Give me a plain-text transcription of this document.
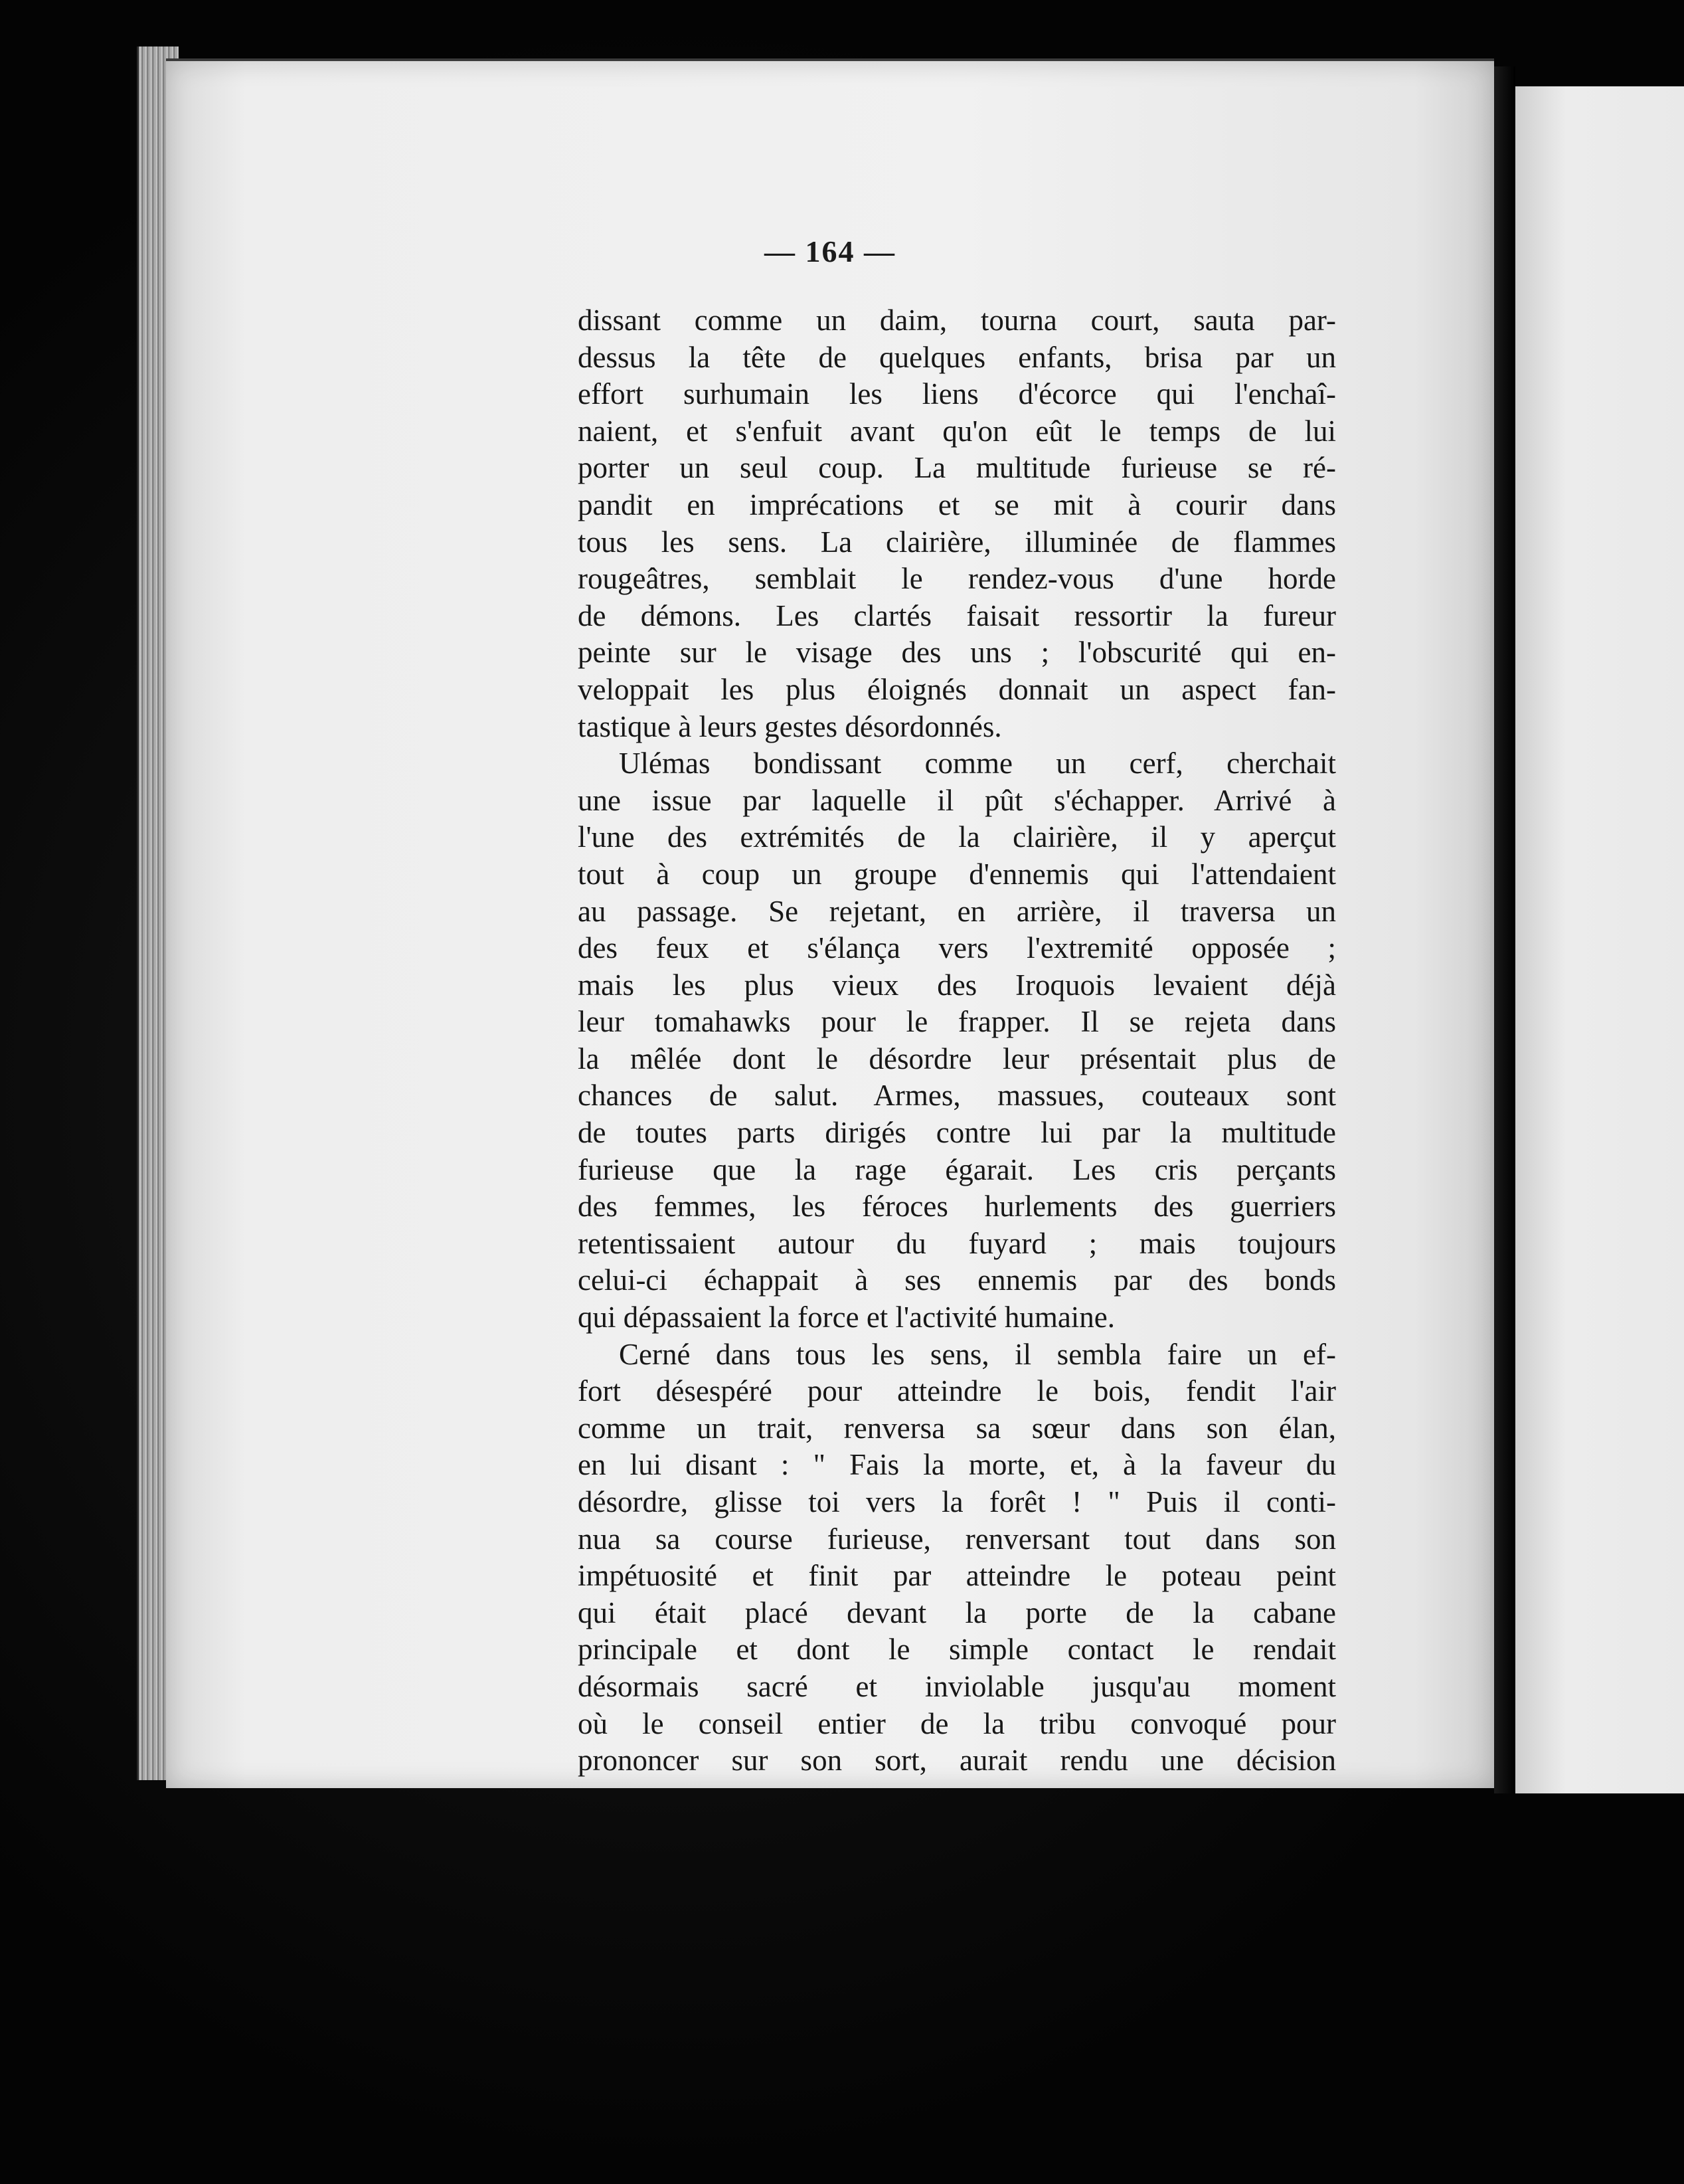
— 164 —
dissant comme un daim, tourna court, sauta par-
dessus la tête de quelques enfants, brisa par un
effort surhumain les liens d'écorce qui l'enchaî-
naient, et s'enfuit avant qu'on eût le temps de lui
porter un seul coup. La multitude furieuse se ré-
pandit en imprécations et se mit à courir dans
tous les sens. La clairière, illuminée de flammes
rougeâtres, semblait le rendez-vous d'une horde
de démons. Les clartés faisait ressortir la fureur
peinte sur le visage des uns ; l'obscurité qui en-
veloppait les plus éloignés donnait un aspect fan-
tastique à leurs gestes désordonnés.
Ulémas bondissant comme un cerf, cherchait
une issue par laquelle il pût s'échapper. Arrivé à
l'une des extrémités de la clairière, il y aperçut
tout à coup un groupe d'ennemis qui l'attendaient
au passage. Se rejetant, en arrière, il traversa un
des feux et s'élança vers l'extremité opposée ;
mais les plus vieux des Iroquois levaient déjà
leur tomahawks pour le frapper. Il se rejeta dans
la mêlée dont le désordre leur présentait plus de
chances de salut. Armes, massues, couteaux sont
de toutes parts dirigés contre lui par la multitude
furieuse que la rage égarait. Les cris perçants
des femmes, les féroces hurlements des guerriers
retentissaient autour du fuyard ; mais toujours
celui-ci échappait à ses ennemis par des bonds
qui dépassaient la force et l'activité humaine.
Cerné dans tous les sens, il sembla faire un ef-
fort désespéré pour atteindre le bois, fendit l'air
comme un trait, renversa sa sœur dans son élan,
en lui disant : " Fais la morte, et, à la faveur du
désordre, glisse toi vers la forêt ! " Puis il conti-
nua sa course furieuse, renversant tout dans son
impétuosité et finit par atteindre le poteau peint
qui était placé devant la porte de la cabane
principale et dont le simple contact le rendait
désormais sacré et inviolable jusqu'au moment
où le conseil entier de la tribu convoqué pour
prononcer sur son sort, aurait rendu une décision
